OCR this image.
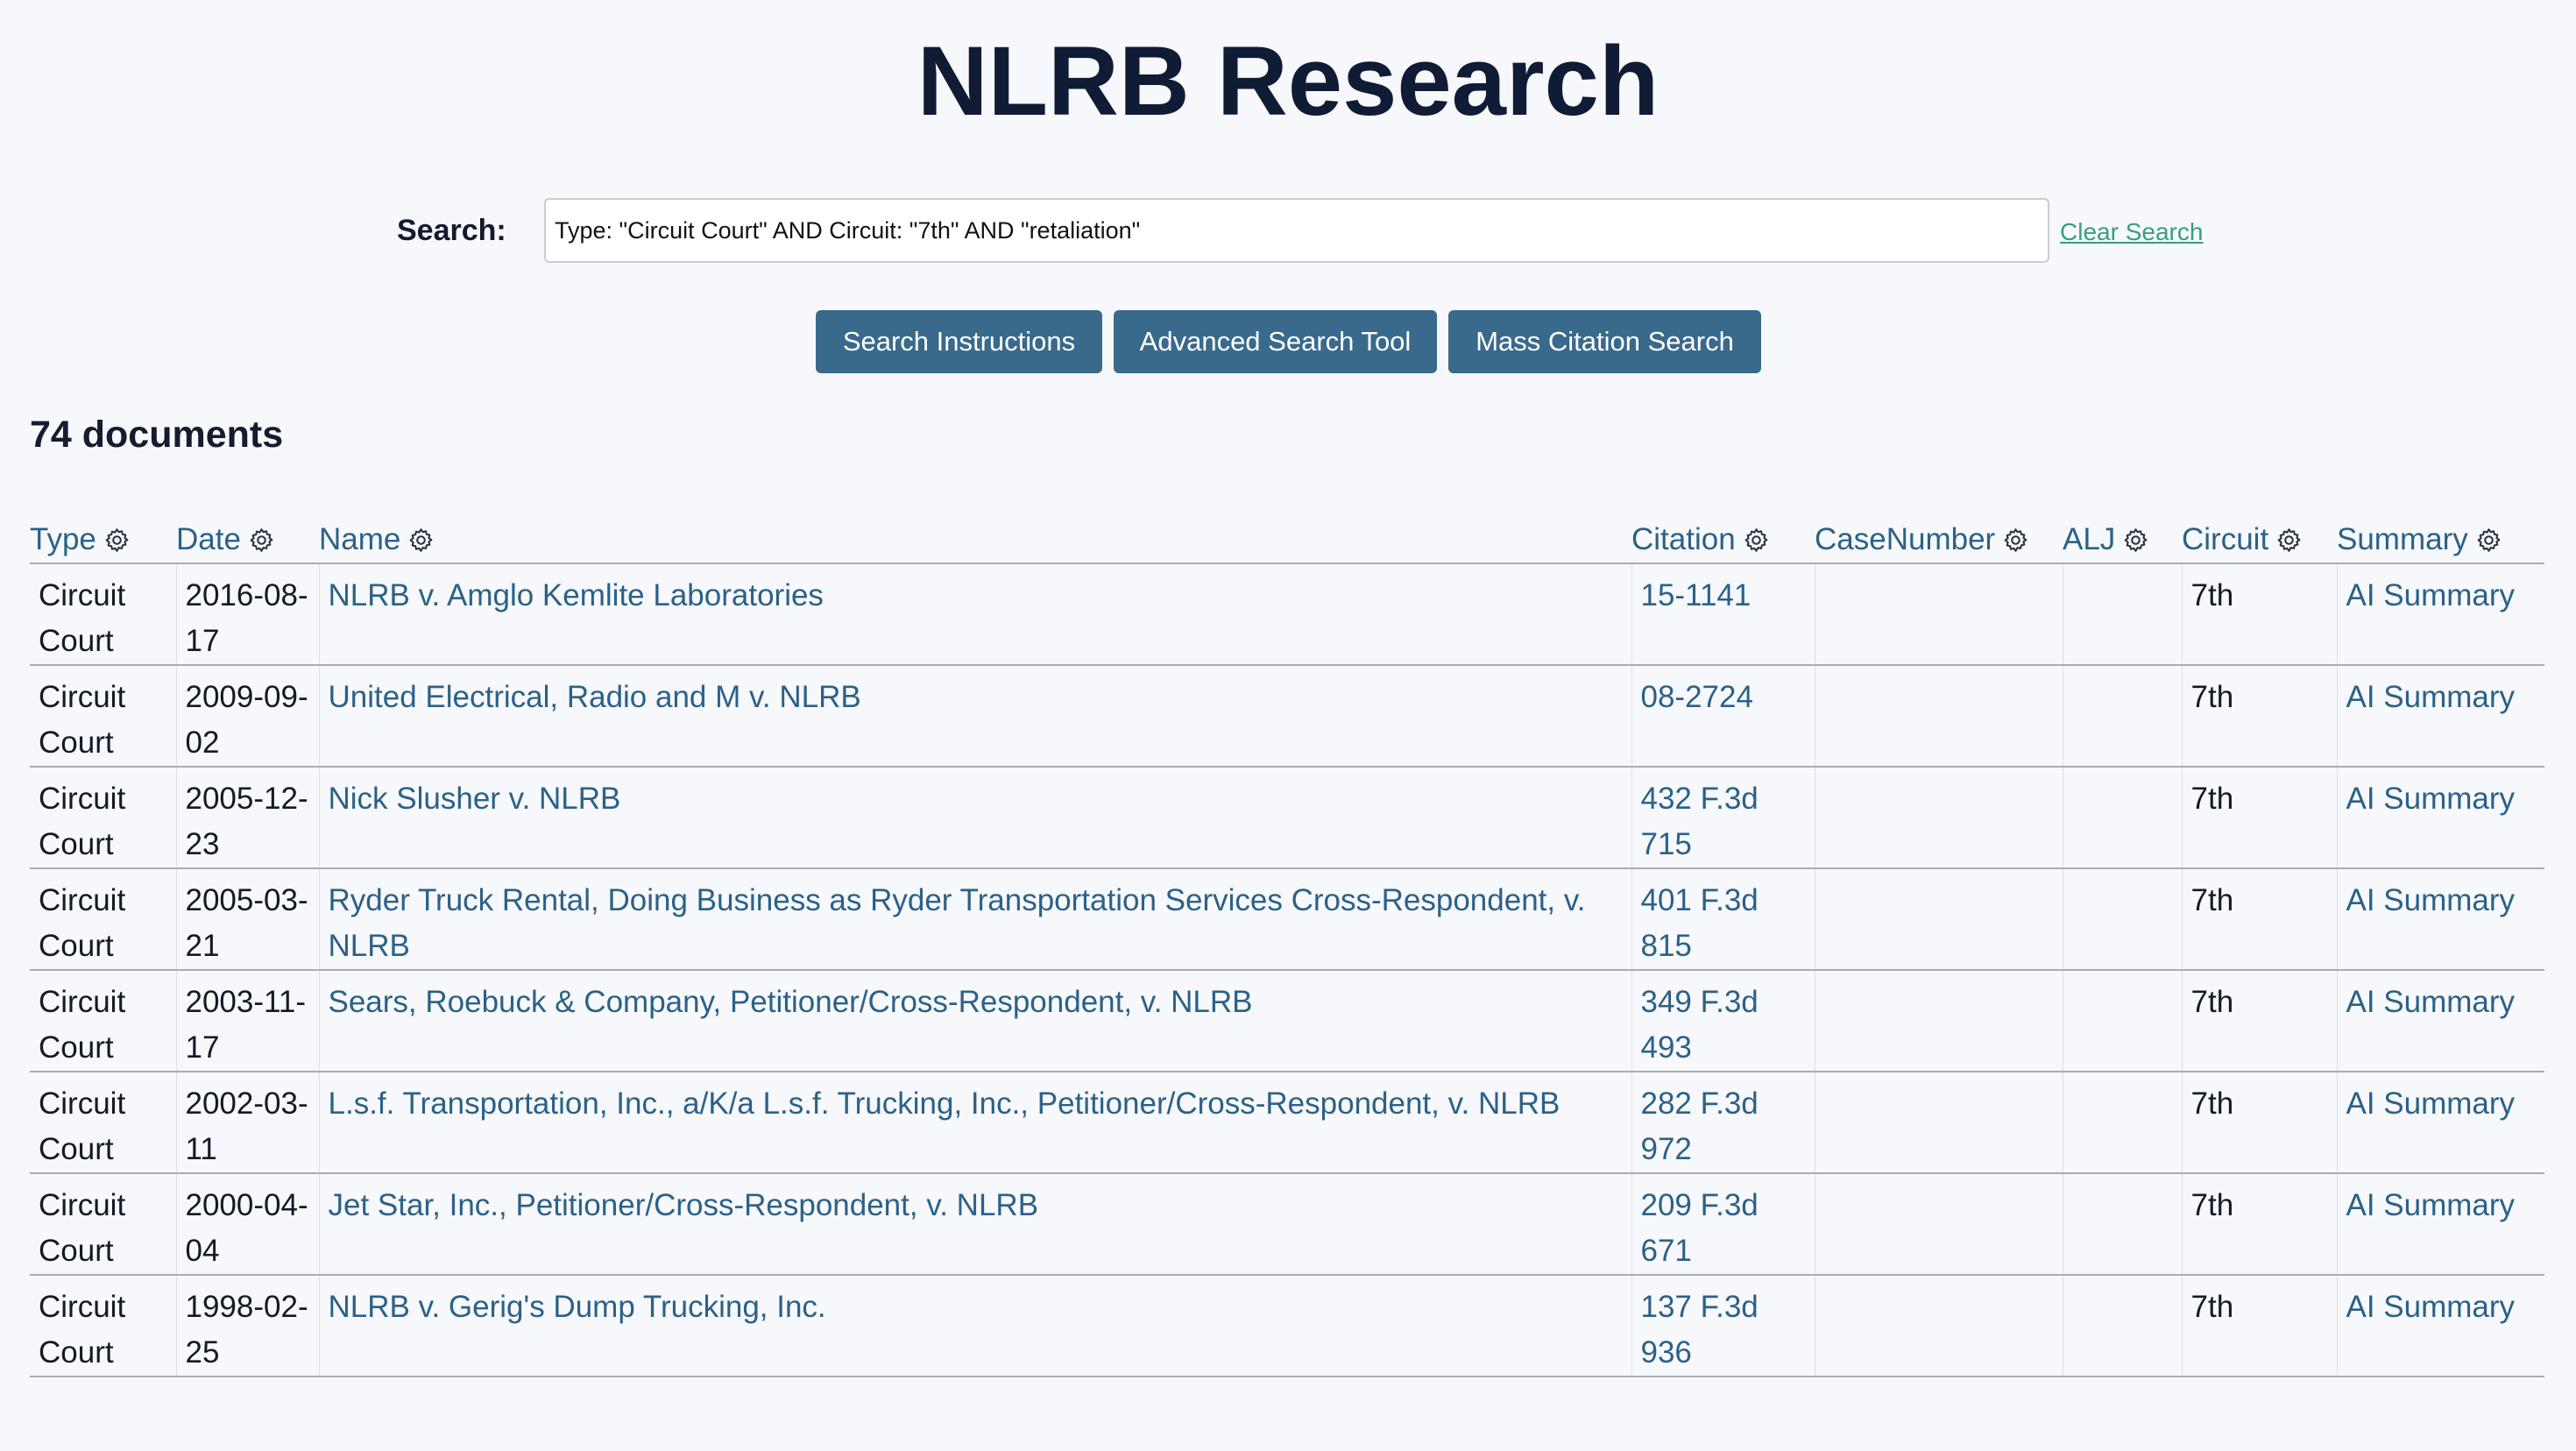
NLRB Research
Search:
Type: "Circuit Court" AND Circuit: "7th" AND "retaliation"	Clear Search
Search Instructions	Advanced Search Tool	Mass Citation Search
74 documents
Type	Date	Name	Citation	CaseNumber	ALJ	Circuit	Summary

Circuit Court	2016-08-17	NLRB v. Amglo Kemlite Laboratories	15-1141			7th	AI Summary
Circuit Court	2009-09-02	United Electrical, Radio and M v. NLRB	08-2724			7th	AI Summary
Circuit Court	2005-12-23	Nick Slusher v. NLRB	432 F.3d 715			7th	AI Summary
Circuit Court	2005-03-21	Ryder Truck Rental, Doing Business as Ryder Transportation Services Cross-Respondent, v. NLRB	401 F.3d 815			7th	AI Summary
Circuit Court	2003-11-17	Sears, Roebuck & Company, Petitioner/Cross-Respondent, v. NLRB	349 F.3d 493			7th	AI Summary
Circuit Court	2002-03-11	L.s.f. Transportation, Inc., a/K/a L.s.f. Trucking, Inc., Petitioner/Cross-Respondent, v. NLRB	282 F.3d 972			7th	AI Summary
Circuit Court	2000-04-04	Jet Star, Inc., Petitioner/Cross-Respondent, v. NLRB	209 F.3d 671			7th	AI Summary
Circuit Court	1998-02-25	NLRB v. Gerig's Dump Trucking, Inc.	137 F.3d 936			7th	AI Summary
